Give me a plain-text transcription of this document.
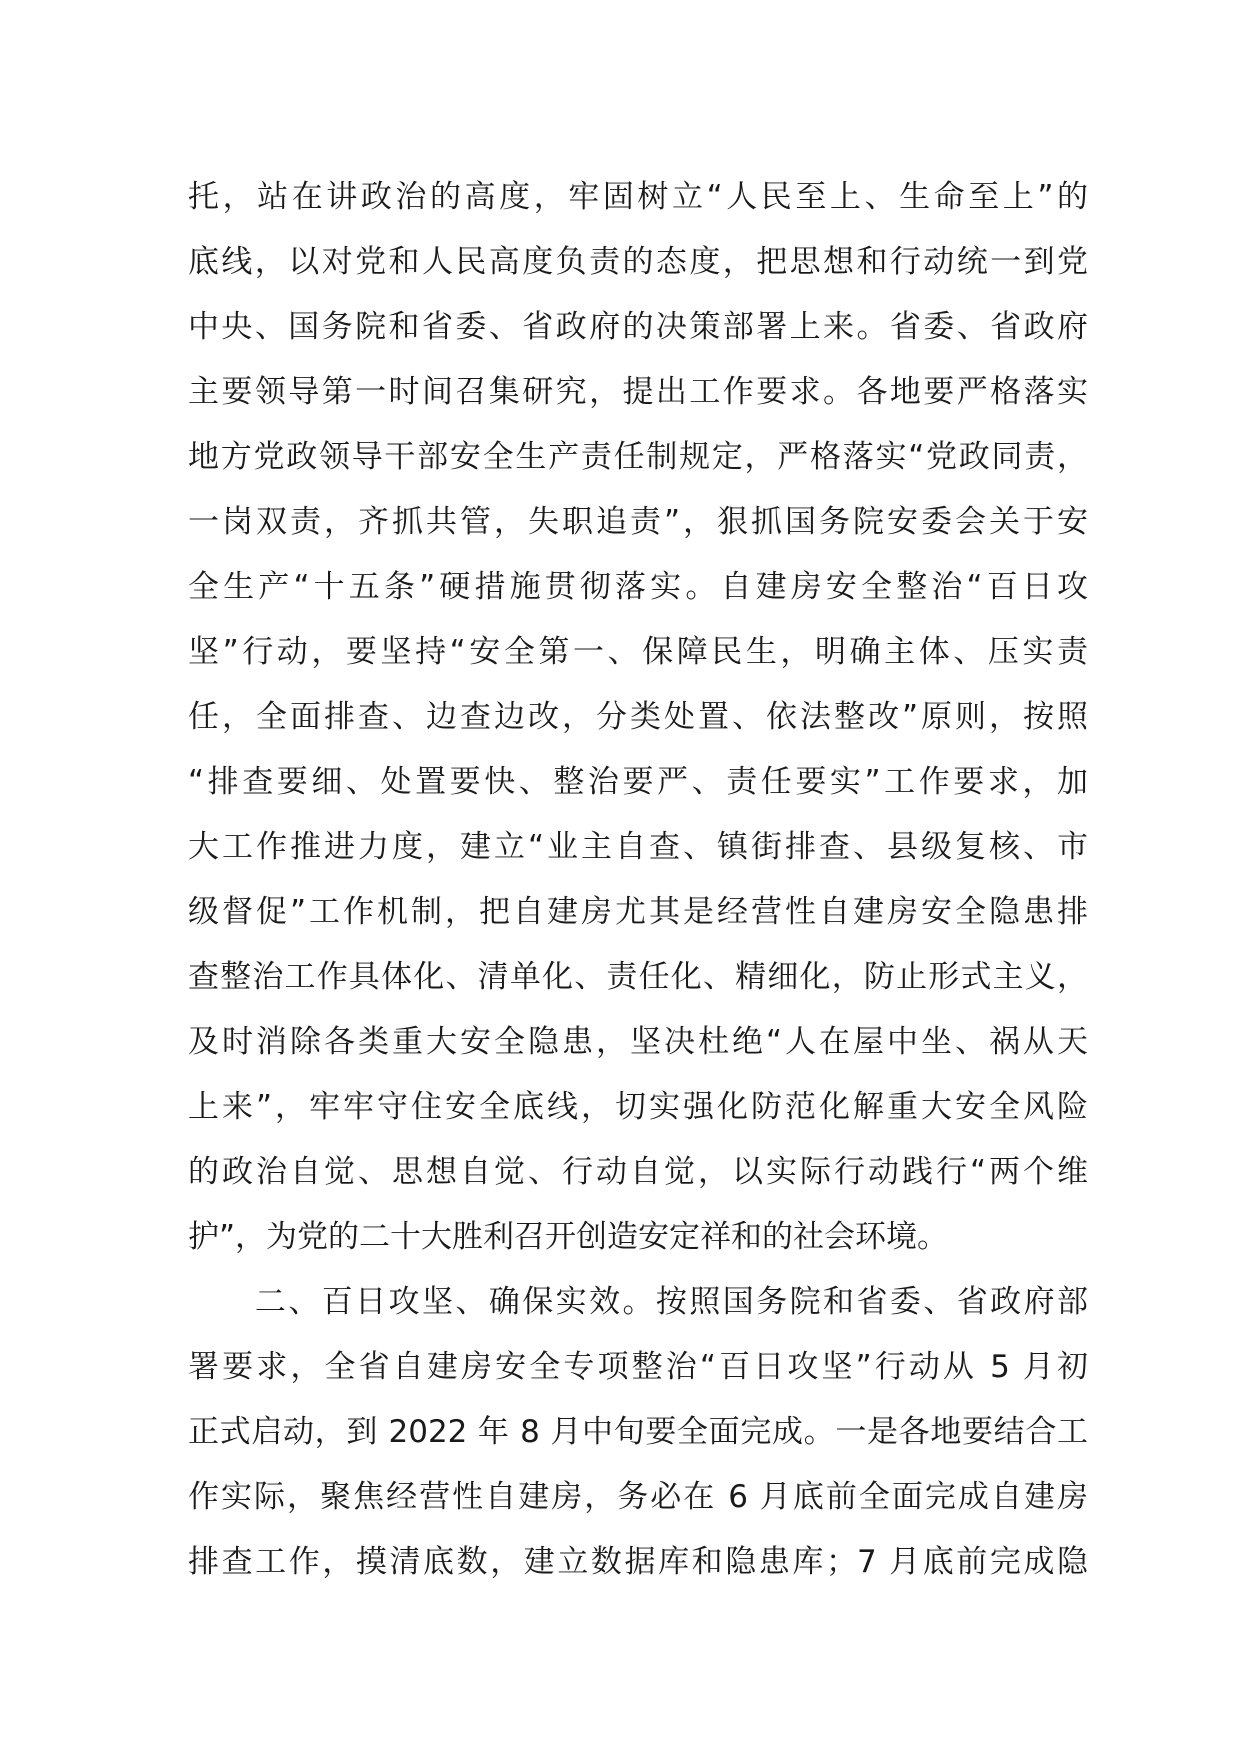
托，站在讲政治的高度，牢固树立“人民至上、生命至上”的
底线，以对党和人民高度负责的态度，把思想和行动统一到党
中央、国务院和省委、省政府的决策部署上来。省委、省政府
主要领导第一时间召集研究，提出工作要求。各地要严格落实
地方党政领导干部安全生产责任制规定，严格落实“党政同责，
一岗双责，齐抓共管，失职追责”，狠抓国务院安委会关于安
全生产“十五条”硬措施贯彻落实。自建房安全整治“百日攻
坚”行动，要坚持“安全第一、保障民生，明确主体、压实责
任，全面排查、边查边改，分类处置、依法整改”原则，按照
“排查要细、处置要快、整治要严、责任要实”工作要求，加
大工作推进力度，建立“业主自查、镇街排查、县级复核、市
级督促”工作机制，把自建房尤其是经营性自建房安全隐患排
查整治工作具体化、清单化、责任化、精细化，防止形式主义，
及时消除各类重大安全隐患，坚决杜绝“人在屋中坐、祸从天
上来”，牢牢守住安全底线，切实强化防范化解重大安全风险
的政治自觉、思想自觉、行动自觉，以实际行动践行“两个维
护”，为党的二十大胜利召开创造安定祥和的社会环境。
　　二、百日攻坚、确保实效。按照国务院和省委、省政府部
署要求，全省自建房安全专项整治“百日攻坚”行动从 5 月初
正式启动，到 2022 年 8 月中旬要全面完成。一是各地要结合工
作实际，聚焦经营性自建房，务必在 6 月底前全面完成自建房
排查工作，摸清底数，建立数据库和隐患库；7 月底前完成隐
